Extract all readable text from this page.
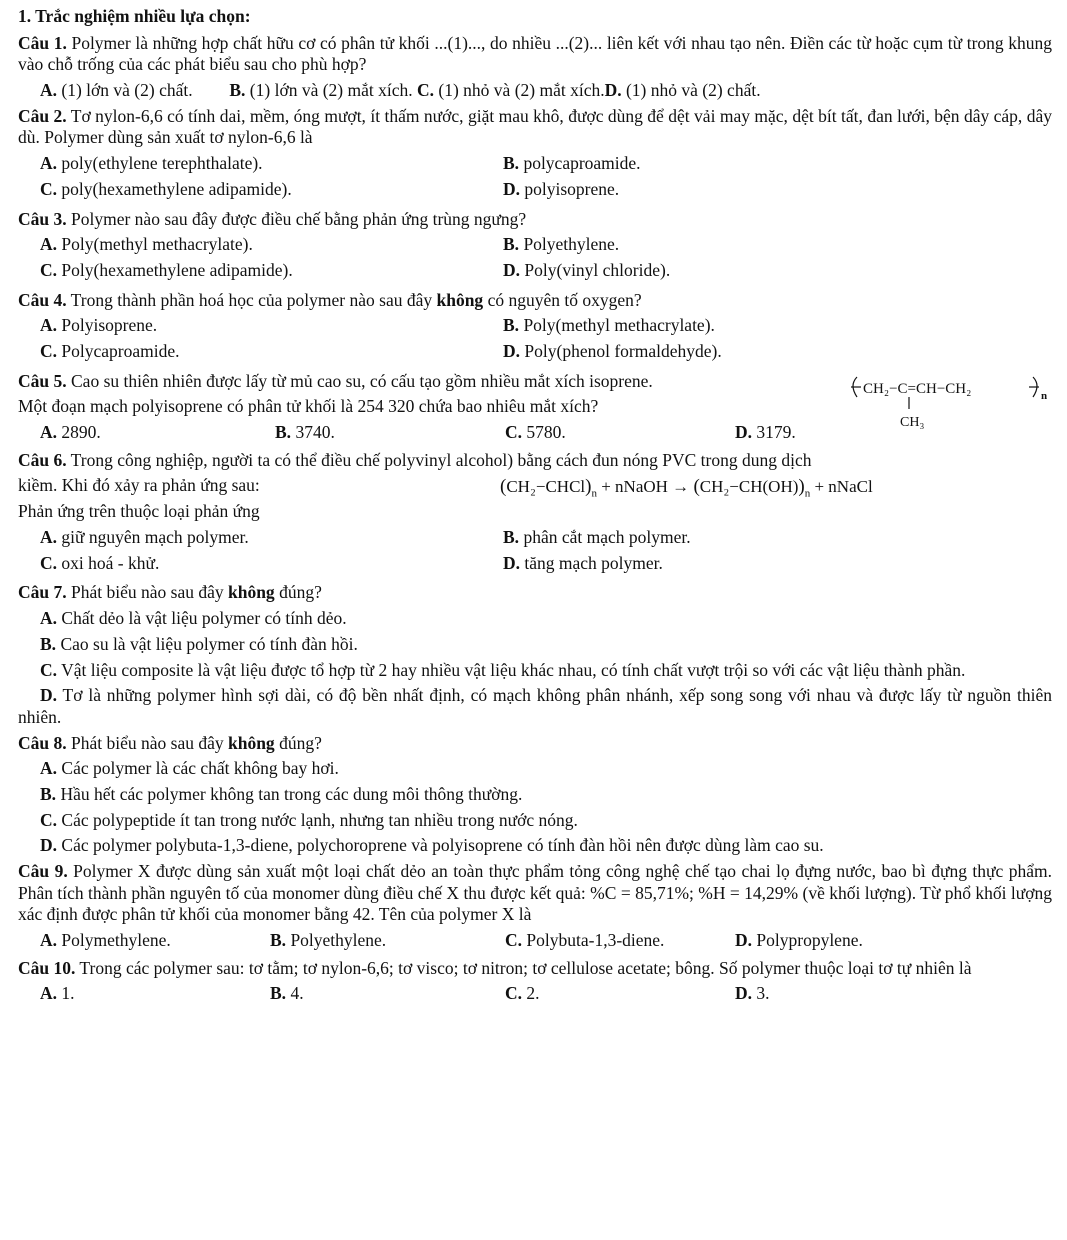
1. Trắc nghiệm nhiều lựa chọn:
Câu 1. Polymer là những hợp chất hữu cơ có phân tử khối ...(1)..., do nhiều ...(2)... liên kết với nhau tạo nên. Điền các từ hoặc cụm từ trong khung vào chỗ trống của các phát biểu sau cho phù hợp?
A. (1) lớn và (2) chất. B. (1) lớn và (2) mắt xích. C. (1) nhỏ và (2) mắt xích.D. (1) nhỏ và (2) chất.
Câu 2. Tơ nylon-6,6 có tính dai, mềm, óng mượt, ít thấm nước, giặt mau khô, được dùng để dệt vải may mặc, dệt bít tất, đan lưới, bện dây cáp, dây dù. Polymer dùng sản xuất tơ nylon-6,6 là
A. poly(ethylene terephthalate).	B. polycaproamide.
C. poly(hexamethylene adipamide).	D. polyisoprene.
Câu 3. Polymer nào sau đây được điều chế bằng phản ứng trùng ngưng?
A. Poly(methyl methacrylate).	B. Polyethylene.
C. Poly(hexamethylene adipamide).	D. Poly(vinyl chloride).
Câu 4. Trong thành phần hoá học của polymer nào sau đây không có nguyên tố oxygen?
A. Polyisoprene.	B. Poly(methyl methacrylate).
C. Polycaproamide.	D. Poly(phenol formaldehyde).
Câu 5. Cao su thiên nhiên được lấy từ mủ cao su, có cấu tạo gồm nhiều mắt xích isoprene.
Một đoạn mạch polyisoprene có phân tử khối là 254 320 chứa bao nhiêu mắt xích?
CH₂−C=CH−CH₂
CH₃
n
A. 2890.	B. 3740.	C. 5780.	D. 3179.
Câu 6. Trong công nghiệp, người ta có thể điều chế polyvinyl alcohol) bằng cách đun nóng PVC trong dung dịch
kiềm. Khi đó xảy ra phản ứng sau:	$(CH_2-CHCl)_n$ + nNaOH → $(CH_2-CH(OH))_n$ + nNaCl
Phản ứng trên thuộc loại phản ứng
A. giữ nguyên mạch polymer.	B. phân cắt mạch polymer.
C. oxi hoá - khử.	D. tăng mạch polymer.
Câu 7. Phát biểu nào sau đây không đúng?
A. Chất dẻo là vật liệu polymer có tính dẻo.
B. Cao su là vật liệu polymer có tính đàn hồi.
C. Vật liệu composite là vật liệu được tổ hợp từ 2 hay nhiều vật liệu khác nhau, có tính chất vượt trội so với các vật liệu thành phần.
D. Tơ là những polymer hình sợi dài, có độ bền nhất định, có mạch không phân nhánh, xếp song song với nhau và được lấy từ nguồn thiên nhiên.
Câu 8. Phát biểu nào sau đây không đúng?
A. Các polymer là các chất không bay hơi.
B. Hầu hết các polymer không tan trong các dung môi thông thường.
C. Các polypeptide ít tan trong nước lạnh, nhưng tan nhiều trong nước nóng.
D. Các polymer polybuta-1,3-diene, polychoroprene và polyisoprene có tính đàn hồi nên được dùng làm cao su.
Câu 9. Polymer X được dùng sản xuất một loại chất dẻo an toàn thực phẩm tỏng công nghệ chế tạo chai lọ đựng nước, bao bì đựng thực phẩm. Phân tích thành phần nguyên tố của monomer dùng điều chế X thu được kết quả: %C = 85,71%; %H = 14,29% (về khối lượng). Từ phổ khối lượng xác định được phân tử khối của monomer bằng 42. Tên của polymer X là
A. Polymethylene.	B. Polyethylene.	C. Polybuta-1,3-diene.	D. Polypropylene.
Câu 10. Trong các polymer sau: tơ tằm; tơ nylon-6,6; tơ visco; tơ nitron; tơ cellulose acetate; bông. Số polymer thuộc loại tơ tự nhiên là
A. 1.	B. 4.	C. 2.	D. 3.
